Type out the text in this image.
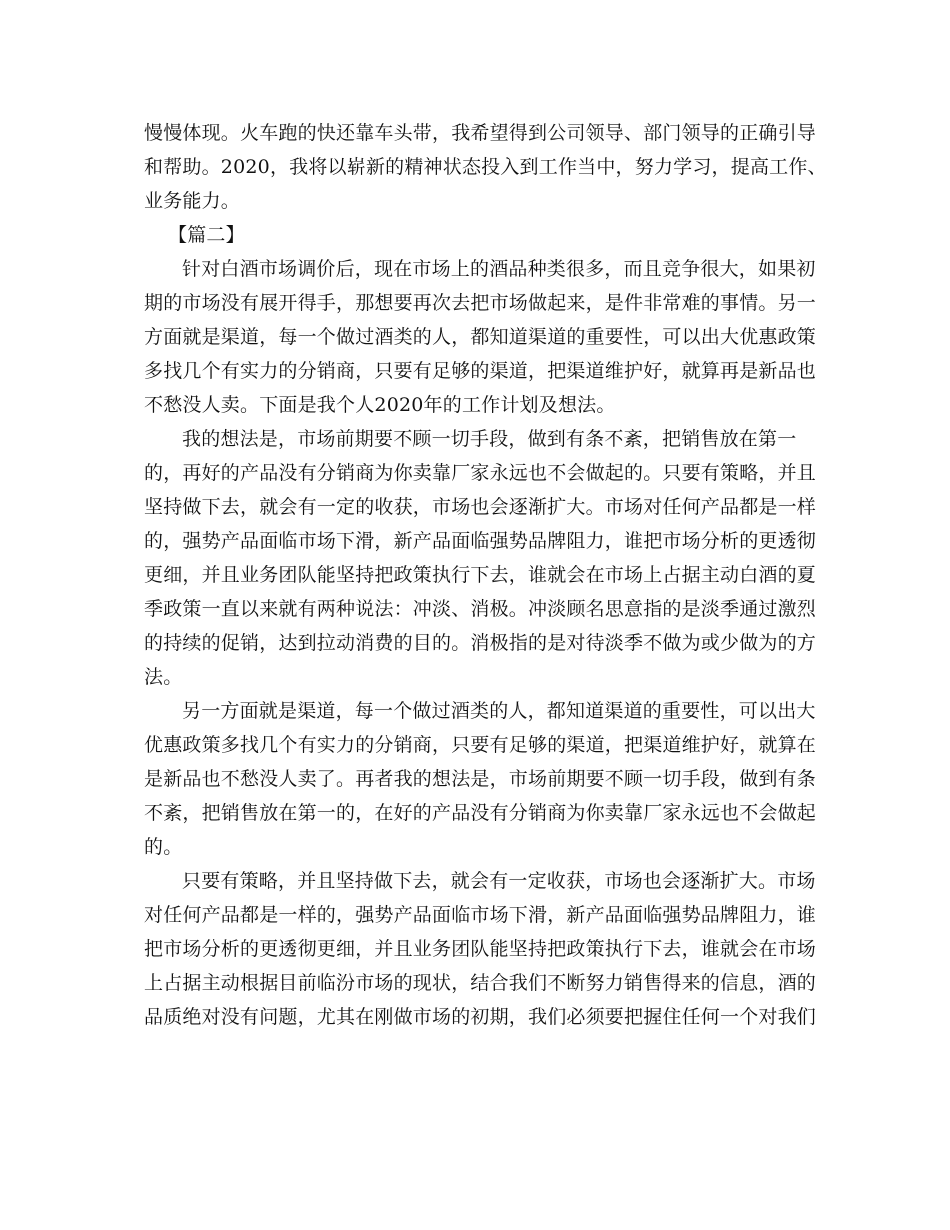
慢慢体现。火车跑的快还靠车头带，我希望得到公司领导、部门领导的正确引导
和帮助。2020，我将以崭新的精神状态投入到工作当中，努力学习，提高工作、
业务能力。
【篇二】
针对白酒市场调价后，现在市场上的酒品种类很多，而且竞争很大，如果初
期的市场没有展开得手，那想要再次去把市场做起来，是件非常难的事情。另一
方面就是渠道，每一个做过酒类的人，都知道渠道的重要性，可以出大优惠政策
多找几个有实力的分销商，只要有足够的渠道，把渠道维护好，就算再是新品也
不愁没人卖。下面是我个人2020年的工作计划及想法。
我的想法是，市场前期要不顾一切手段，做到有条不紊，把销售放在第一
的，再好的产品没有分销商为你卖靠厂家永远也不会做起的。只要有策略，并且
坚持做下去，就会有一定的收获，市场也会逐渐扩大。市场对任何产品都是一样
的，强势产品面临市场下滑，新产品面临强势品牌阻力，谁把市场分析的更透彻
更细，并且业务团队能坚持把政策执行下去，谁就会在市场上占据主动白酒的夏
季政策一直以来就有两种说法：冲淡、消极。冲淡顾名思意指的是淡季通过激烈
的持续的促销，达到拉动消费的目的。消极指的是对待淡季不做为或少做为的方
法。
另一方面就是渠道，每一个做过酒类的人，都知道渠道的重要性，可以出大
优惠政策多找几个有实力的分销商，只要有足够的渠道，把渠道维护好，就算在
是新品也不愁没人卖了。再者我的想法是，市场前期要不顾一切手段，做到有条
不紊，把销售放在第一的，在好的产品没有分销商为你卖靠厂家永远也不会做起
的。
只要有策略，并且坚持做下去，就会有一定收获，市场也会逐渐扩大。市场
对任何产品都是一样的，强势产品面临市场下滑，新产品面临强势品牌阻力，谁
把市场分析的更透彻更细，并且业务团队能坚持把政策执行下去，谁就会在市场
上占据主动根据目前临汾市场的现状，结合我们不断努力销售得来的信息，酒的
品质绝对没有问题，尤其在刚做市场的初期，我们必须要把握住任何一个对我们
